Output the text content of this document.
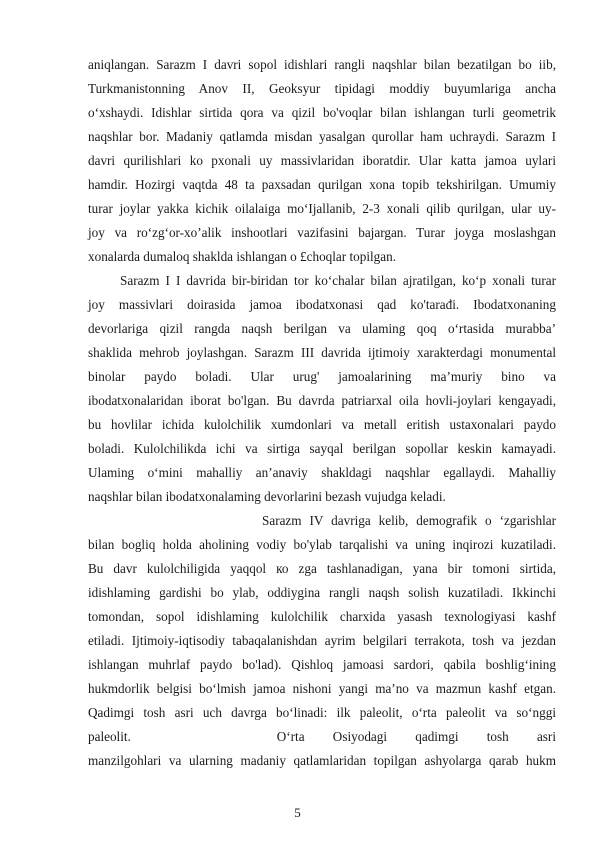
aniqlangan. Sarazm I davri sopol idishlari rangli naqshlar bilan bezatilgan bo iib,
Turkmanistonning Anov II, Geoksyur tipidagi moddiy buyumlariga ancha
o‘xshaydi. Idishlar sirtida qora va qizil bo'voqlar bilan ishlangan turli geometrik
naqshlar bor. Madaniy qatlamda misdan yasalgan qurollar ham uchraydi. Sarazm I
davri qurilishlari ko pxonali uy massivlaridan iboratdir. Ular katta jamoa uylari
hamdir. Hozirgi vaqtda 48 ta paxsadan qurilgan xona topib tekshirilgan. Umumiy
turar joylar yakka kichik oilalaiga mo‘Ijallanib, 2-3 xonali qilib qurilgan, ular uy-
joy va ro‘zg‘or-xo’alik inshootlari vazifasini bajargan. Turar joyga moslashgan
xonalarda dumaloq shaklda ishlangan o £choqlar topilgan.
Sarazm I I davrida bir-biridan tor ko‘chalar bilan ajratilgan, ko‘p xonali turar
joy massivlari doirasida jamoa ibodatxonasi qad ko'tarađi. Ibodatxonaning
devorlariga qizil rangda naqsh berilgan va ulaming qoq o‘rtasida murabba’
shaklida mehrob joylashgan. Sarazm III davrida ijtimoiy xarakterdagi monumental
binolar paydo boladi. Ular urug' jamoalarining ma’muriy bino va
ibodatxonalaridan iborat bo'lgan. Bu davrda patriarxal oila hovli-joylari kengayadi,
bu hovlilar ichida kulolchilik xumdonlari va metall eritish ustaxonalari paydo
boladi. Kulolchilikda ichi va sirtiga sayqal berilgan sopollar keskin kamayadi.
Ulaming o‘mini mahalliy an’anaviy shakldagi naqshlar egallaydi. Mahalliy
naqshlar bilan ibodatxonalaming devorlarini bezash vujudga keladi.
Sarazm IV davriga kelib, demografik o ‘zgarishlar
bilan bogliq holda aholining vodiy bo'ylab tarqalishi va uning inqirozi kuzatiladi.
Bu davr kulolchiligida yaqqol ко zga tashlanadigan, yana bir tomoni sirtida,
idishlaming gardishi bo ylab, oddiygina rangli naqsh solish kuzatiladi. Ikkinchi
tomondan, sopol idishlaming kulolchilik charxida yasash texnologiyasi kashf
etiladi. Ijtimoiy-iqtisodiy tabaqalanishdan ayrim belgilari terrakota, tosh va jezdan
ishlangan muhrlaf paydo bo'lad). Qishloq jamoasi sardori, qabila boshlig‘ining
hukmdorlik belgisi bo‘lmish jamoa nishoni yangi ma’no va mazmun kashf etgan.
Qadimgi tosh asri uch davrga bo‘linadi: ilk paleolit, o‘rta paleolit va so‘nggi
paleolit.                               O‘rta      Osiyodagi      qadimgi      tosh      asri
manzilgohlari va ularning madaniy qatlamlaridan topilgan ashyolarga qarab hukm
5
